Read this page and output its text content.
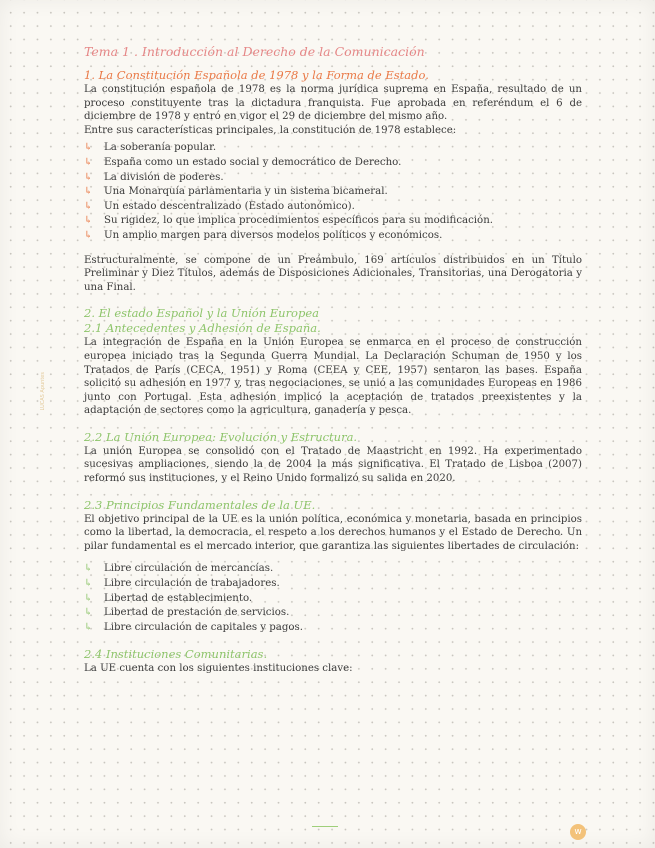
LUCAS Apuntes

Tema 1 . Introducción al Derecho de la Comunicación

1. La Constitución Española de 1978 y la Forma de Estado.

La constitución española de 1978 es la norma jurídica suprema en España, resultado de un proceso constituyente tras la dictadura franquista. Fue aprobada en referéndum el 6 de diciembre de 1978 y entró en vigor el 29 de diciembre del mismo año.

Entre sus características principales, la constitución de 1978 establece:

↳	La soberanía popular.
↳	España como un estado social y democrático de Derecho.
↳	La división de poderes.
↳	Una Monarquía parlamentaria y un sistema bicameral.
↳	Un estado descentralizado (Estado autonómico).
↳	Su rigidez, lo que implica procedimientos específicos para su modificación.
↳	Un amplio margen para diversos modelos políticos y económicos.

Estructuralmente, se compone de un Preámbulo, 169 artículos distribuidos en un Título Preliminar y Diez Títulos, además de Disposiciones Adicionales, Transitorias, una Derogatoria y una Final.

2. El estado Español y la Unión Europea

2.1 Antecedentes y Adhesión de España.

La integración de España en la Unión Europea se enmarca en el proceso de construcción europea iniciado tras la Segunda Guerra Mundial. La Declaración Schuman de 1950 y los Tratados de París (CECA, 1951) y Roma (CEEA y CEE, 1957) sentaron las bases. España solicitó su adhesión en 1977 y, tras negociaciones, se unió a las comunidades Europeas en 1986 junto con Portugal. Esta adhesión implicó la aceptación de tratados preexistentes y la adaptación de sectores como la agricultura, ganadería y pesca.

2.2 La Unión Europea: Evolución y Estructura.

La unión Europea se consolidó con el Tratado de Maastricht en 1992. Ha experimentado sucesivas ampliaciones, siendo la de 2004 la más significativa. El Tratado de Lisboa (2007) reformó sus instituciones, y el Reino Unido formalizó su salida en 2020.

2.3 Principios Fundamentales de la UE.

El objetivo principal de la UE es la unión política, económica y monetaria, basada en principios como la libertad, la democracia, el respeto a los derechos humanos y el Estado de Derecho. Un pilar fundamental es el mercado interior, que garantiza las siguientes libertades de circulación:

↳	Libre circulación de mercancías.
↳	Libre circulación de trabajadores.
↳	Libertad de establecimiento.
↳	Libertad de prestación de servicios.
↳	Libre circulación de capitales y pagos.

2.4 Instituciones Comunitarias.

La UE cuenta con los siguientes instituciones clave:

w
